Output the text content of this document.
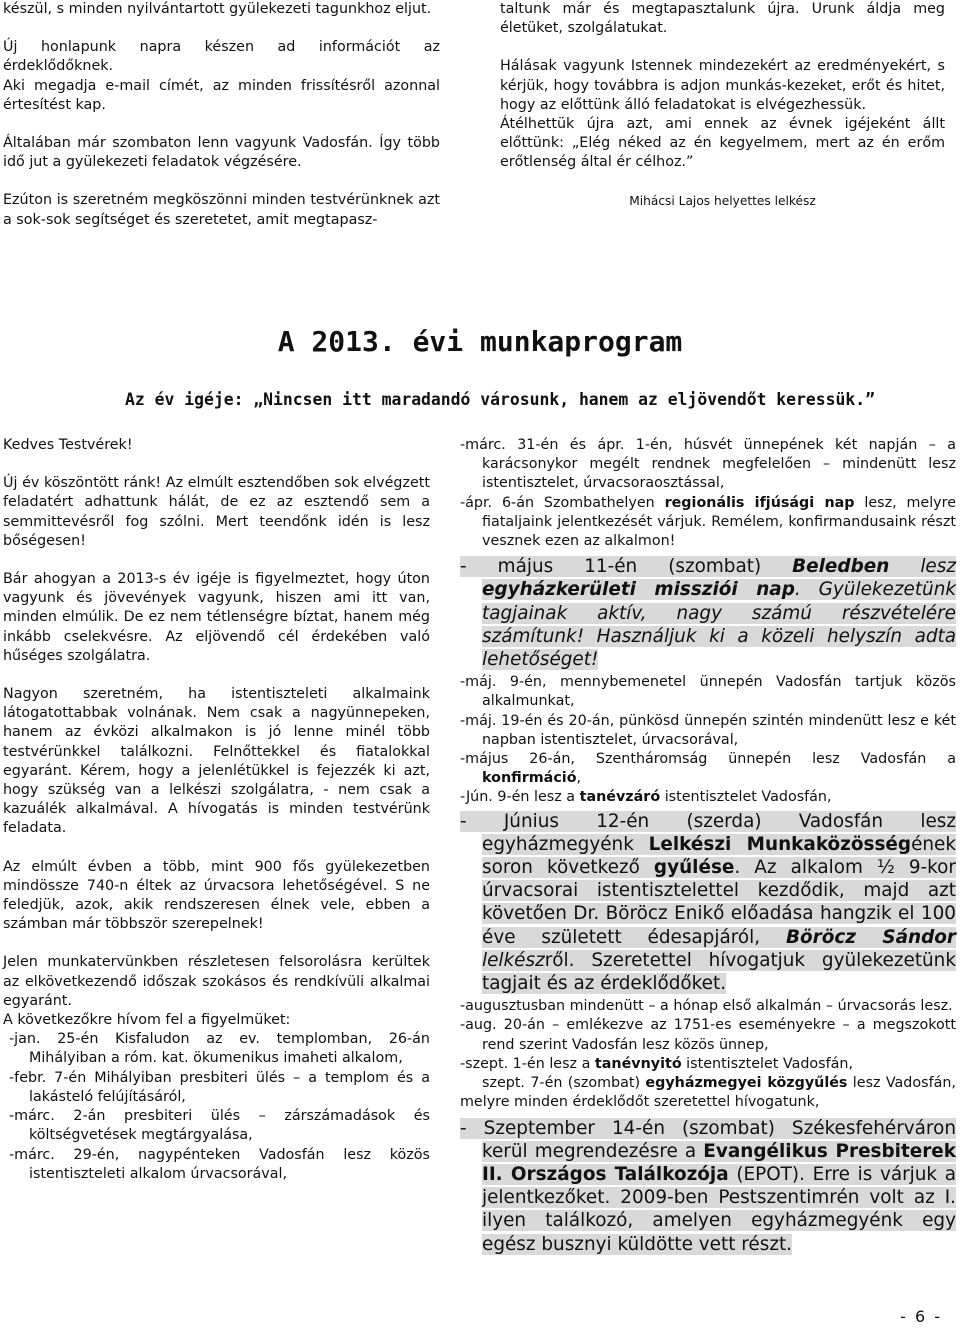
készül, s minden nyilvántartott gyülekezeti tagunkhoz eljut.

Új honlapunk napra készen ad információt az érdeklődőknek.

Aki megadja e-mail címét, az minden frissítésről azonnal értesítést kap.

Általában már szombaton lenn vagyunk Vadosfán. Így több idő jut a gyülekezeti feladatok végzésére.

Ezúton is szeretném megköszönni minden testvérünknek azt a sok-sok segítséget és szeretetet, amit megtapasz-

taltunk már és megtapasztalunk újra. Urunk áldja meg életüket, szolgálatukat.

Hálásak vagyunk Istennek mindezekért az eredményekért, s kérjük, hogy továbbra is adjon munkás-kezeket, erőt és hitet, hogy az előttünk álló feladatokat is elvégezhessük.

Átélhettük újra azt, ami ennek az évnek igéjeként állt előttünk: „Elég néked az én kegyelmem, mert az én erőm erőtlenség által ér célhoz.”

Mihácsi Lajos helyettes lelkész

A 2013. évi munkaprogram
Az év igéje: „Nincsen itt maradandó városunk, hanem az eljövendőt keressük.”

Kedves Testvérek!

Új év köszöntött ránk! Az elmúlt esztendőben sok elvégzett feladatért adhattunk hálát, de ez az esztendő sem a semmittevésről fog szólni. Mert teendőnk idén is lesz bőségesen!

Bár ahogyan a 2013-s év igéje is figyelmeztet, hogy úton vagyunk és jövevények vagyunk, hiszen ami itt van, minden elmúlik. De ez nem tétlenségre bíztat, hanem még inkább cselekvésre. Az eljövendő cél érdekében való hűséges szolgálatra.

Nagyon szeretném, ha istentiszteleti alkalmaink látogatottabbak volnának. Nem csak a nagyünnepeken, hanem az évközi alkalmakon is jó lenne minél több testvérünkkel találkozni. Felnőttekkel és fiatalokkal egyaránt. Kérem, hogy a jelenlétükkel is fejezzék ki azt, hogy szükség van a lelkészi szolgálatra, - nem csak a kazuálék alkalmával. A hívogatás is minden testvérünk feladata.

Az elmúlt évben a több, mint 900 fős gyülekezetben mindössze 740-n éltek az úrvacsora lehetőségével. S ne feledjük, azok, akik rendszeresen élnek vele, ebben a számban már többször szerepelnek!

Jelen munkatervünkben részletesen felsorolásra kerültek az elkövetkezendő időszak szokásos és rendkívüli alkalmai egyaránt.

A következőkre hívom fel a figyelmüket:

-jan. 25-én Kisfaludon az ev. templomban, 26-án Mihályiban a róm. kat. ökumenikus imaheti alkalom,

-febr. 7-én Mihályiban presbiteri ülés – a templom és a lakásteló felújításáról,

-márc. 2-án presbiteri ülés – zárszámadások és költségvetések megtárgyalása,

-márc. 29-én, nagypénteken Vadosfán lesz közös istentiszteleti alkalom úrvacsorával,

-márc. 31-én és ápr. 1-én, húsvét ünnepének két napján – a karácsonykor megélt rendnek megfelelően – mindenütt lesz istentisztelet, úrvacsoraosztással,

-ápr. 6-án Szombathelyen regionális ifjúsági nap lesz, melyre fiataljaink jelentkezését várjuk. Remélem, konfirmandusaink részt vesznek ezen az alkalmon!

- május 11-én (szombat) Beledben lesz egyházkerületi missziói nap. Gyülekezetünk tagjainak aktív, nagy számú részvételére számítunk! Használjuk ki a közeli helyszín adta lehetőséget!

-máj. 9-én, mennybemenetel ünnepén Vadosfán tartjuk közös alkalmunkat,

-máj. 19-én és 20-án, pünkösd ünnepén szintén mindenütt lesz e két napban istentisztelet, úrvacsorával,

-május 26-án, Szentháromság ünnepén lesz Vadosfán a konfirmáció,

-Jún. 9-én lesz a tanévzáró istentisztelet Vadosfán,

- Június 12-én (szerda) Vadosfán lesz egyházmegyénk Lelkészi Munkaközösségének soron következő gyűlése. Az alkalom ½ 9-kor úrvacsorai istentisztelettel kezdődik, majd azt követően Dr. Böröcz Enikő előadása hangzik el 100 éve született édesapjáról, Böröcz Sándor lelkészről. Szeretettel hívogatjuk gyülekezetünk tagjait és az érdeklődőket.

-augusztusban mindenütt – a hónap első alkalmán – úrvacsorás lesz.

-aug. 20-án – emlékezve az 1751-es eseményekre – a megszokott rend szerint Vadosfán lesz közös ünnep,

-szept. 1-én lesz a tanévnyitó istentisztelet Vadosfán,

szept. 7-én (szombat) egyházmegyei közgyűlés lesz Vadosfán, melyre minden érdeklődőt szeretettel hívogatunk,

- Szeptember 14-én (szombat) Székesfehérváron kerül megrendezésre a Evangélikus Presbiterek II. Országos Találkozója (EPOT). Erre is várjuk a jelentkezőket. 2009-ben Pestszentimrén volt az I. ilyen találkozó, amelyen egyházmegyénk egy egész busznyi küldötte vett részt.

- 6 -
